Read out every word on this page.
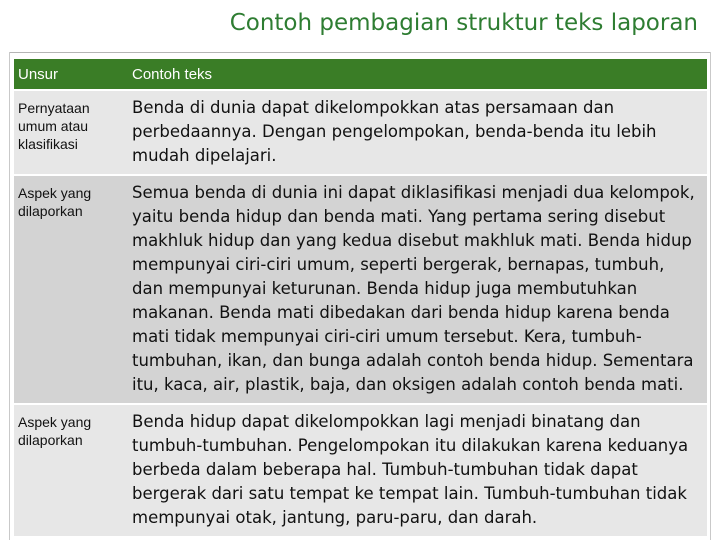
Contoh pembagian struktur teks laporan
Unsur	Contoh teks
Pernyataan umum atau klasifikasi	Benda di dunia dapat dikelompokkan atas persamaan dan perbedaannya. Dengan pengelompokan, benda-benda itu lebih mudah dipelajari.
Aspek yang dilaporkan	Semua benda di dunia ini dapat diklasifikasi menjadi dua kelompok, yaitu benda hidup dan benda mati. Yang pertama sering disebut makhluk hidup dan yang kedua disebut makhluk mati. Benda hidup mempunyai ciri-ciri umum, seperti bergerak, bernapas, tumbuh, dan mempunyai keturunan. Benda hidup juga membutuhkan makanan. Benda mati dibedakan dari benda hidup karena benda mati tidak mempunyai ciri-ciri umum tersebut. Kera, tumbuh-tumbuhan, ikan, dan bunga adalah contoh benda hidup. Sementara itu, kaca, air, plastik, baja, dan oksigen adalah contoh benda mati.
Aspek yang dilaporkan	Benda hidup dapat dikelompokkan lagi menjadi binatang dan tumbuh-tumbuhan. Pengelompokan itu dilakukan karena keduanya berbeda dalam beberapa hal. Tumbuh-tumbuhan tidak dapat bergerak dari satu tempat ke tempat lain. Tumbuh-tumbuhan tidak mempunyai otak, jantung, paru-paru, dan darah.
